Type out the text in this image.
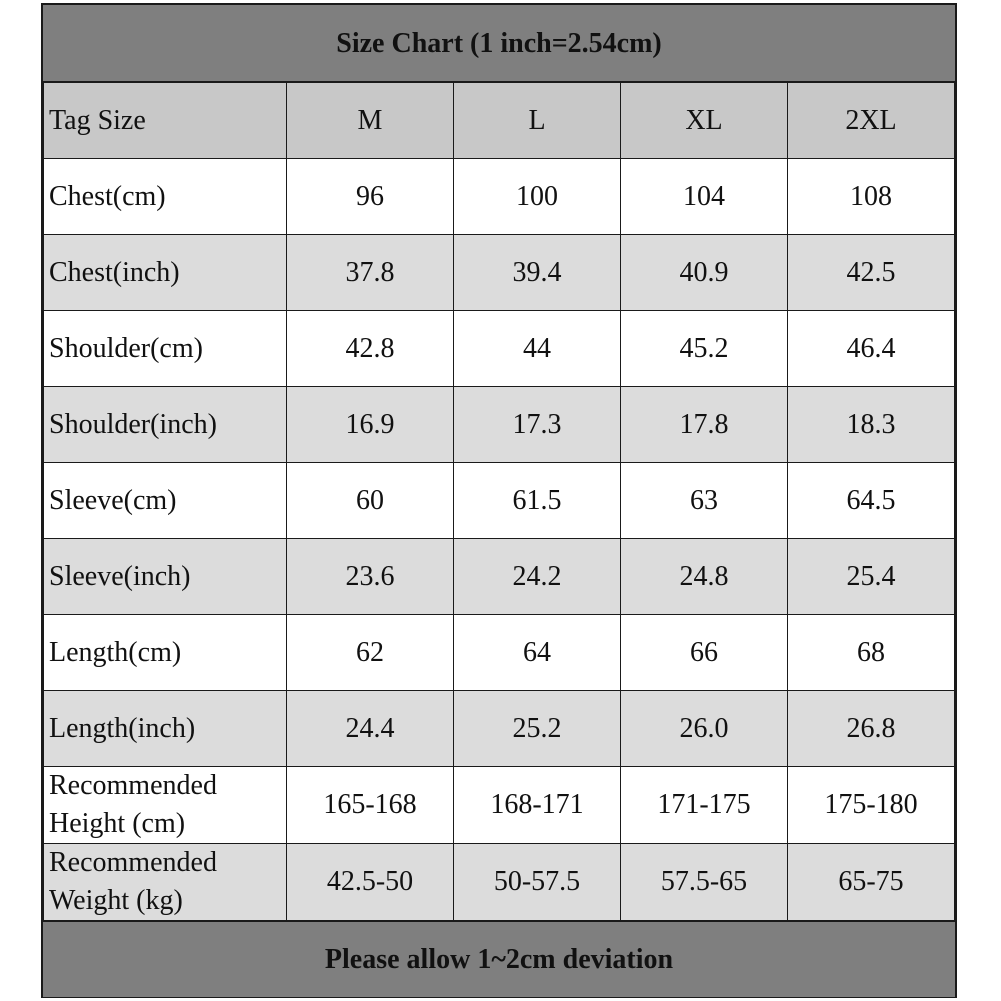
Size Chart (1 inch=2.54cm)
Tag Size	M	L	XL	2XL
Chest(cm)	96	100	104	108
Chest(inch)	37.8	39.4	40.9	42.5
Shoulder(cm)	42.8	44	45.2	46.4
Shoulder(inch)	16.9	17.3	17.8	18.3
Sleeve(cm)	60	61.5	63	64.5
Sleeve(inch)	23.6	24.2	24.8	25.4
Length(cm)	62	64	66	68
Length(inch)	24.4	25.2	26.0	26.8
Recommended Height (cm)	165-168	168-171	171-175	175-180
Recommended Weight (kg)	42.5-50	50-57.5	57.5-65	65-75
Please allow 1~2cm deviation
